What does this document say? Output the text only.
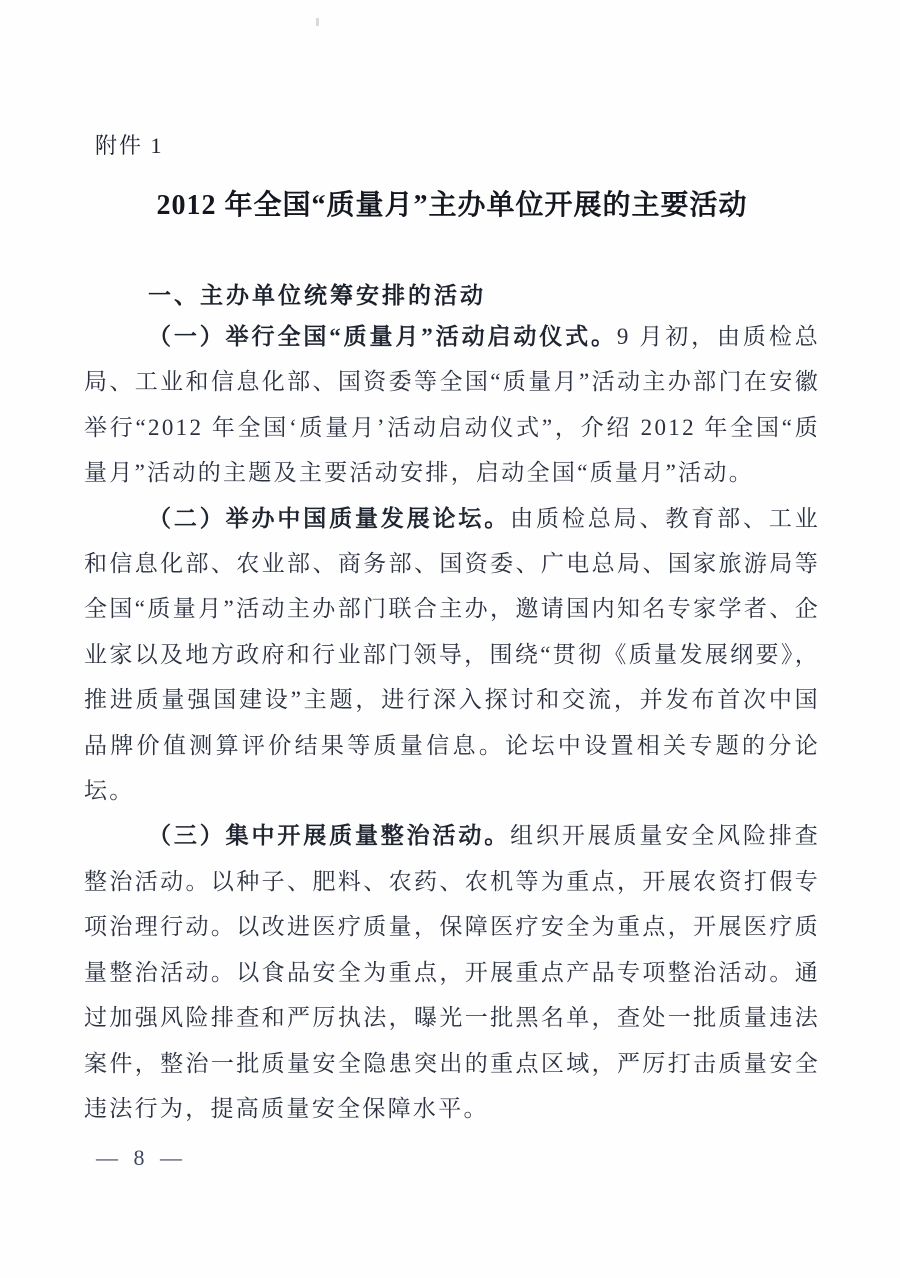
附件 1
2012 年全国“质量月”主办单位开展的主要活动
一、主办单位统筹安排的活动

（一）举行全国“质量月”活动启动仪式。9 月初，由质检总局、工业和信息化部、国资委等全国“质量月”活动主办部门在安徽举行“2012 年全国‘质量月’活动启动仪式”，介绍 2012 年全国“质量月”活动的主题及主要活动安排，启动全国“质量月”活动。

（二）举办中国质量发展论坛。由质检总局、教育部、工业和信息化部、农业部、商务部、国资委、广电总局、国家旅游局等全国“质量月”活动主办部门联合主办，邀请国内知名专家学者、企业家以及地方政府和行业部门领导，围绕“贯彻《质量发展纲要》，推进质量强国建设”主题，进行深入探讨和交流，并发布首次中国品牌价值测算评价结果等质量信息。论坛中设置相关专题的分论坛。

（三）集中开展质量整治活动。组织开展质量安全风险排查整治活动。以种子、肥料、农药、农机等为重点，开展农资打假专项治理行动。以改进医疗质量，保障医疗安全为重点，开展医疗质量整治活动。以食品安全为重点，开展重点产品专项整治活动。通过加强风险排查和严厉执法，曝光一批黑名单，查处一批质量违法案件，整治一批质量安全隐患突出的重点区域，严厉打击质量安全违法行为，提高质量安全保障水平。

— 8 —
